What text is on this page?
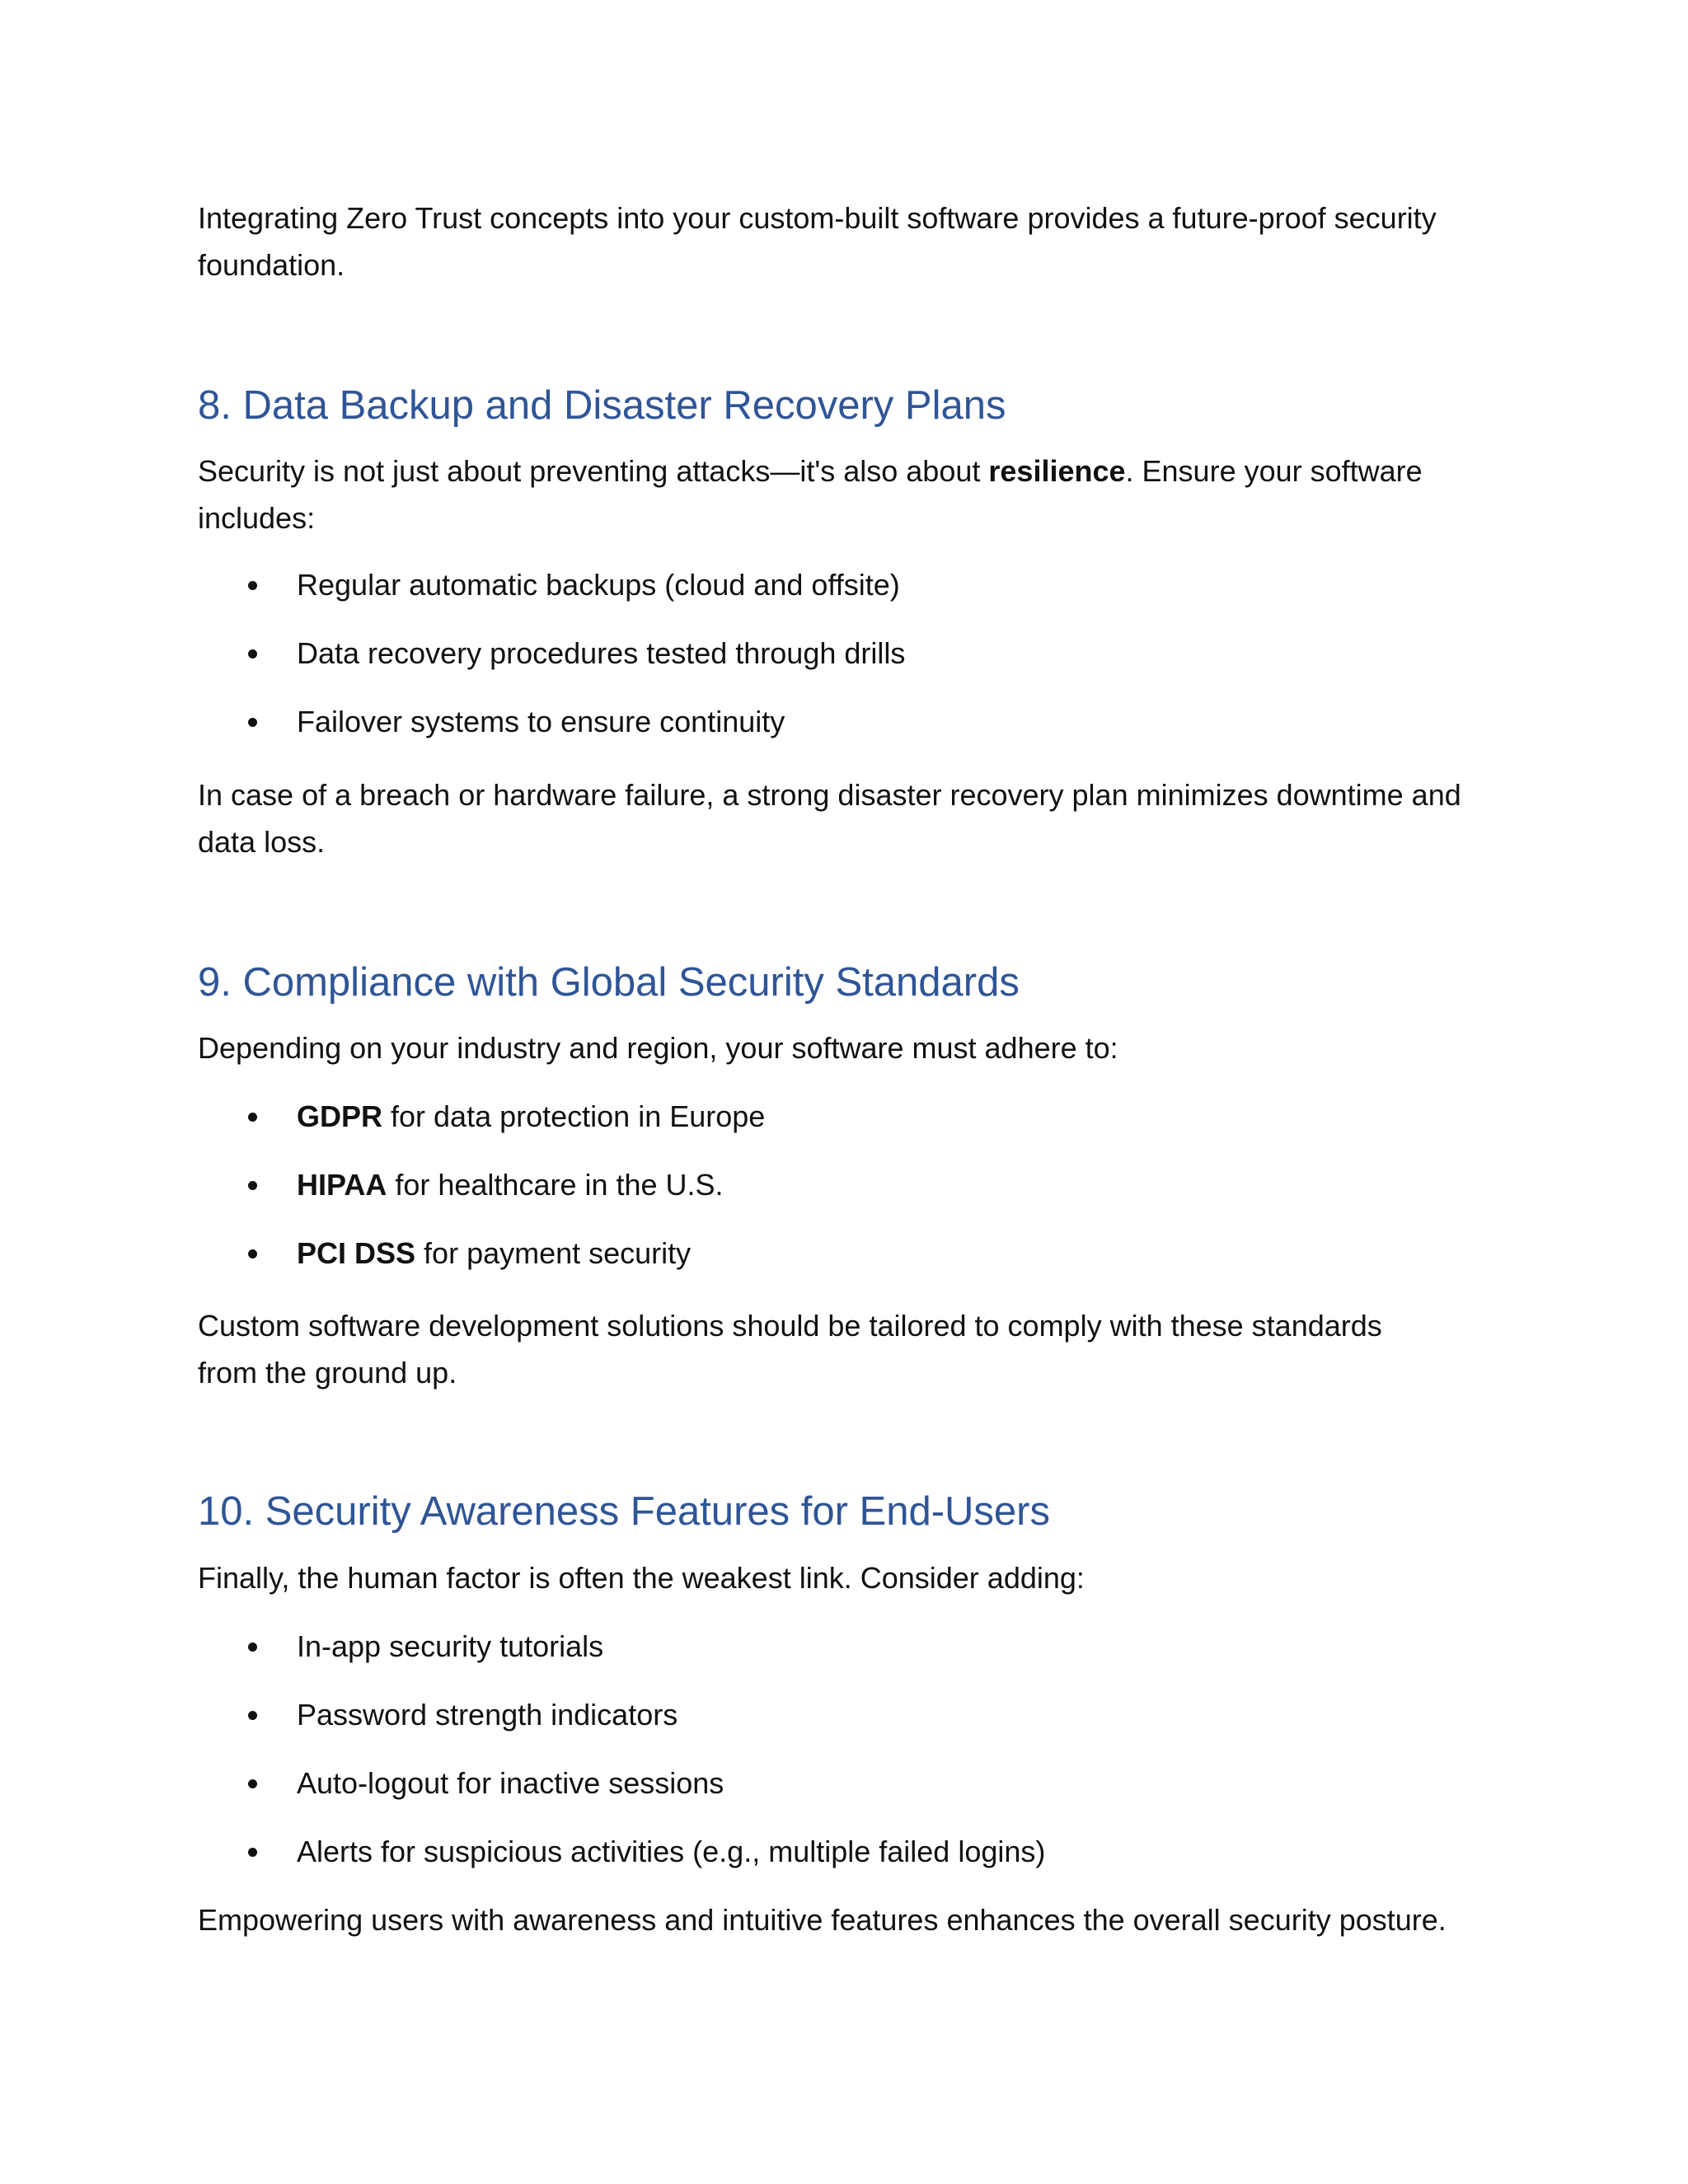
Integrating Zero Trust concepts into your custom-built software provides a future-proof security
foundation.

8. Data Backup and Disaster Recovery Plans

Security is not just about preventing attacks—it's also about resilience. Ensure your software
includes:

Regular automatic backups (cloud and offsite)
Data recovery procedures tested through drills
Failover systems to ensure continuity

In case of a breach or hardware failure, a strong disaster recovery plan minimizes downtime and
data loss.

9. Compliance with Global Security Standards

Depending on your industry and region, your software must adhere to:

GDPR for data protection in Europe
HIPAA for healthcare in the U.S.
PCI DSS for payment security

Custom software development solutions should be tailored to comply with these standards
from the ground up.

10. Security Awareness Features for End-Users

Finally, the human factor is often the weakest link. Consider adding:

In-app security tutorials
Password strength indicators
Auto-logout for inactive sessions
Alerts for suspicious activities (e.g., multiple failed logins)

Empowering users with awareness and intuitive features enhances the overall security posture.
